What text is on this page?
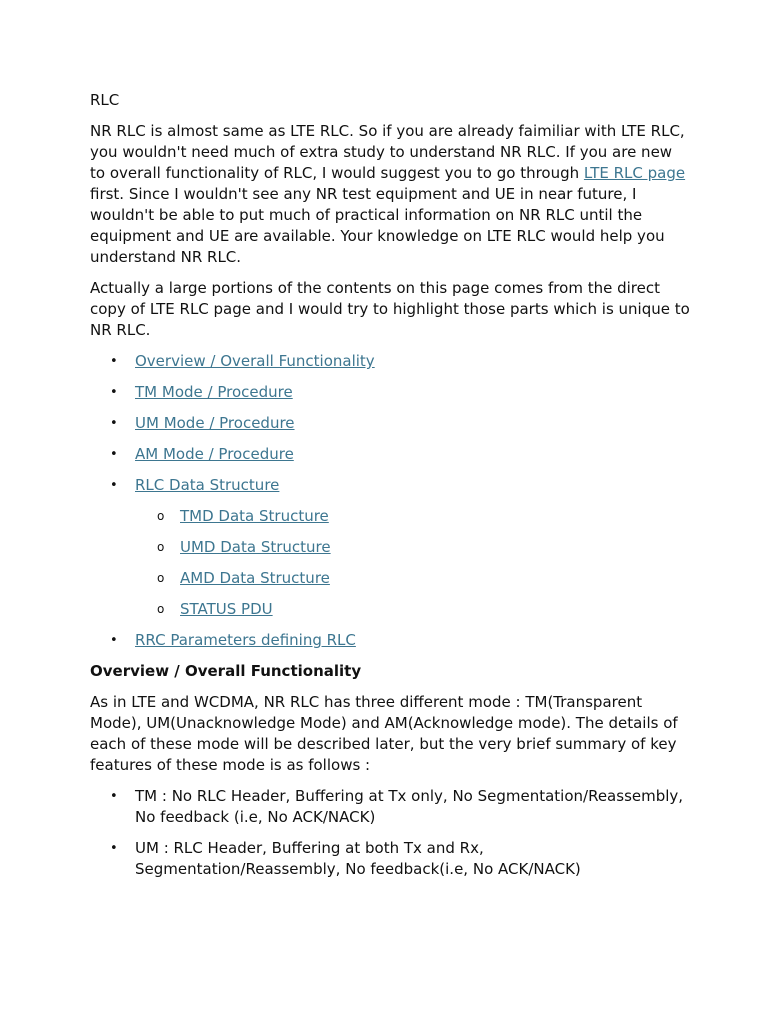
RLC

NR RLC is almost same as LTE RLC. So if you are already faimiliar with LTE RLC, you wouldn't need much of extra study to understand NR RLC. If you are new to overall functionality of RLC, I would suggest you to go through LTE RLC page first. Since I wouldn't see any NR test equipment and UE in near future, I wouldn't be able to put much of practical information on NR RLC until the equipment and UE are available. Your knowledge on LTE RLC would help you understand NR RLC.

Actually a large portions of the contents on this page comes from the direct copy of LTE RLC page and I would try to highlight those parts which is unique to NR RLC.

• Overview / Overall Functionality
• TM Mode / Procedure
• UM Mode / Procedure
• AM Mode / Procedure
• RLC Data Structure
o TMD Data Structure
o UMD Data Structure
o AMD Data Structure
o STATUS PDU
• RRC Parameters defining RLC
Overview / Overall Functionality

As in LTE and WCDMA, NR RLC has three different mode : TM(Transparent Mode), UM(Unacknowledge Mode) and AM(Acknowledge mode). The details of each of these mode will be described later, but the very brief summary of key features of these mode is as follows :

• TM : No RLC Header, Buffering at Tx only, No Segmentation/Reassembly, No feedback (i.e, No ACK/NACK)
• UM : RLC Header, Buffering at both Tx and Rx, Segmentation/Reassembly, No feedback(i.e, No ACK/NACK)
